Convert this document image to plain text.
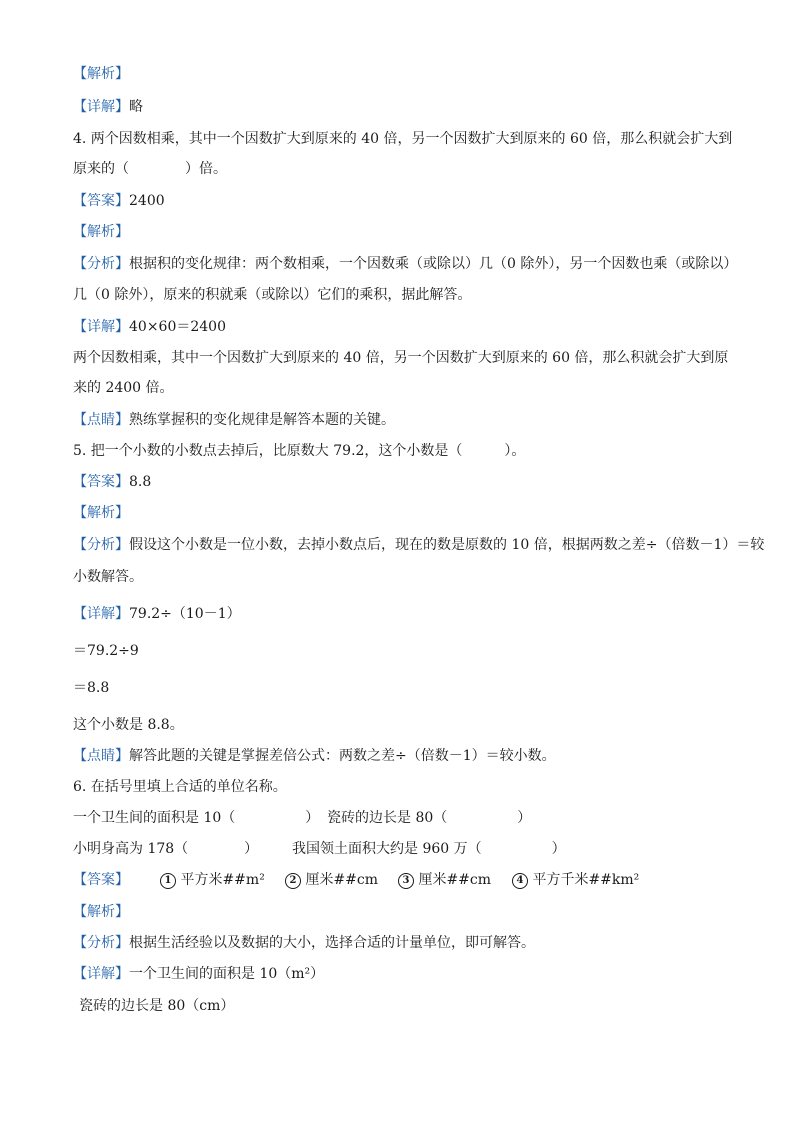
【解析】
【详解】略
4. 两个因数相乘，其中一个因数扩大到原来的 40 倍，另一个因数扩大到原来的 60 倍，那么积就会扩大到
原来的（　　　　）倍。
【答案】2400
【解析】
【分析】根据积的变化规律：两个数相乘，一个因数乘（或除以）几（0 除外），另一个因数也乘（或除以）
几（0 除外），原来的积就乘（或除以）它们的乘积，据此解答。
【详解】40×60＝2400
两个因数相乘，其中一个因数扩大到原来的 40 倍，另一个因数扩大到原来的 60 倍，那么积就会扩大到原
来的 2400 倍。
【点睛】熟练掌握积的变化规律是解答本题的关键。
5. 把一个小数的小数点去掉后，比原数大 79.2，这个小数是（　　　）。
【答案】8.8
【解析】
【分析】假设这个小数是一位小数，去掉小数点后，现在的数是原数的 10 倍，根据两数之差÷（倍数－1）＝较
小数解答。
【详解】79.2÷（10－1）
＝79.2÷9
＝8.8
这个小数是 8.8。
【点睛】解答此题的关键是掌握差倍公式：两数之差÷（倍数－1）＝较小数。
6. 在括号里填上合适的单位名称。
一个卫生间的面积是 10（　　　　　） 瓷砖的边长是 80（　　　　　）
小明身高为 178（　　　　） 我国领土面积大约是 960 万（　　　　　）
【答案】	1 平方米##m²	2 厘米##cm	3 厘米##cm	4 平方千米##km²
【解析】
【分析】根据生活经验以及数据的大小，选择合适的计量单位，即可解答。
【详解】一个卫生间的面积是 10（m²）
瓷砖的边长是 80（cm）
